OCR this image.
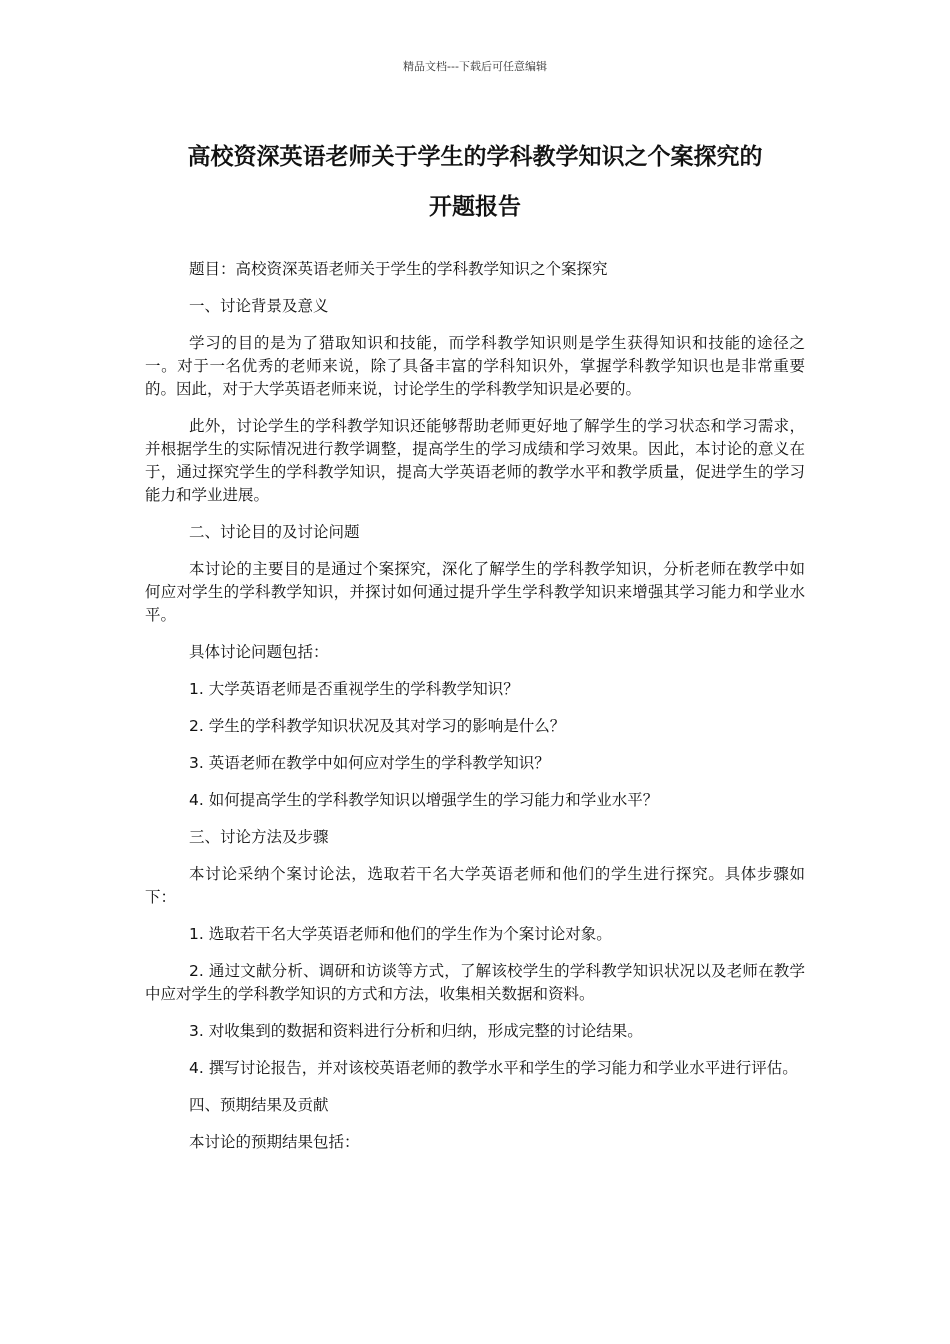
精品文档---下载后可任意编辑
高校资深英语老师关于学生的学科教学知识之个案探究的
开题报告

题目：高校资深英语老师关于学生的学科教学知识之个案探究

一、讨论背景及意义

学习的目的是为了猎取知识和技能，而学科教学知识则是学生获得知识和技能的途径之一。对于一名优秀的老师来说，除了具备丰富的学科知识外，掌握学科教学知识也是非常重要的。因此，对于大学英语老师来说，讨论学生的学科教学知识是必要的。

此外，讨论学生的学科教学知识还能够帮助老师更好地了解学生的学习状态和学习需求，并根据学生的实际情况进行教学调整，提高学生的学习成绩和学习效果。因此，本讨论的意义在于，通过探究学生的学科教学知识，提高大学英语老师的教学水平和教学质量，促进学生的学习能力和学业进展。

二、讨论目的及讨论问题

本讨论的主要目的是通过个案探究，深化了解学生的学科教学知识，分析老师在教学中如何应对学生的学科教学知识，并探讨如何通过提升学生学科教学知识来增强其学习能力和学业水平。

具体讨论问题包括：

1. 大学英语老师是否重视学生的学科教学知识？

2. 学生的学科教学知识状况及其对学习的影响是什么？

3. 英语老师在教学中如何应对学生的学科教学知识？

4. 如何提高学生的学科教学知识以增强学生的学习能力和学业水平？

三、讨论方法及步骤

本讨论采纳个案讨论法，选取若干名大学英语老师和他们的学生进行探究。具体步骤如下：

1. 选取若干名大学英语老师和他们的学生作为个案讨论对象。

2. 通过文献分析、调研和访谈等方式，了解该校学生的学科教学知识状况以及老师在教学中应对学生的学科教学知识的方式和方法，收集相关数据和资料。

3. 对收集到的数据和资料进行分析和归纳，形成完整的讨论结果。

4. 撰写讨论报告，并对该校英语老师的教学水平和学生的学习能力和学业水平进行评估。

四、预期结果及贡献

本讨论的预期结果包括：
